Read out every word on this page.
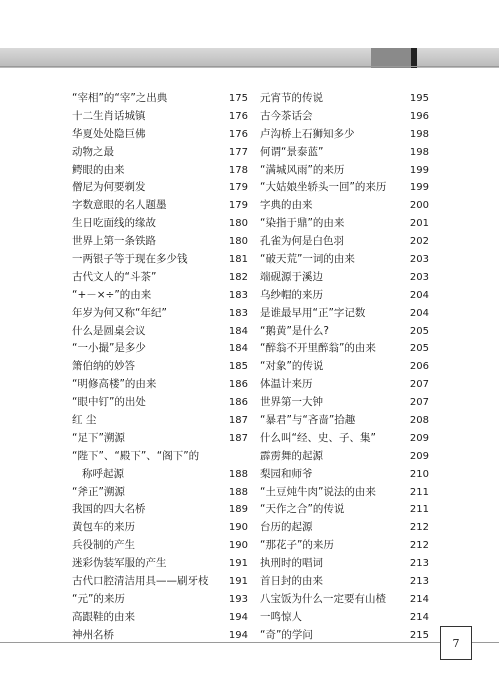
“宰相”的“宰”之出典	175
十二生肖话城镇	176
华夏处处隐巨佛	176
动物之最	177
鳄眼的由来	178
僧尼为何要剃发	179
字数意眼的名人题墨	179
生日吃面线的缘故	180
世界上第一条铁路	180
一两银子等于现在多少钱	181
古代文人的“斗茶”	182
“+－×÷”的由来	183
年岁为何又称“年纪”	183
什么是圆桌会议	184
“一小撮”是多少	184
箫伯纳的妙答	185
“明修高楼”的由来	186
“眼中钉”的出处	186
红 尘	187
“足下”溯源	187
“陛下”、“殿下”、“阁下”的
称呼起源	188
“斧正”溯源	188
我国的四大名桥	189
黄包车的来历	190
兵役制的产生	190
迷彩伪装军服的产生	191
古代口腔清洁用具——刷牙枝 191
“元”的来历	193
高跟鞋的由来	194
神州名桥	194
元宵节的传说	195
古今茶话会	196
卢沟桥上石狮知多少	198
何谓“景泰蓝”	198
“满城风雨”的来历	199
“大姑娘坐轿头一回”的来历 199
字典的由来	200
“染指于鼎”的由来	201
孔雀为何是白色羽	202
“破天荒”一词的由来	203
端砚源于溪边	203
乌纱帽的来历	204
是谁最早用“正”字记数	204
“鹅黄”是什么?	205
“醉翁不开里醉翁”的由来	205
“对象”的传说	206
体温计来历	207
世界第一大钟	207
“暴君”与“吝啬”拾趣	208
什么叫“经、史、子、集”	209
霹雳舞的起源	209
梨园和师爷	210
“土豆炖牛肉”说法的由来	211
“天作之合”的传说	211
台历的起源	212
“那花子”的来历	212
执刑时的唱词	213
首日封的由来	213
八宝饭为什么一定要有山楂 214
一鸣惊人	214
“奇”的学问	215
7
